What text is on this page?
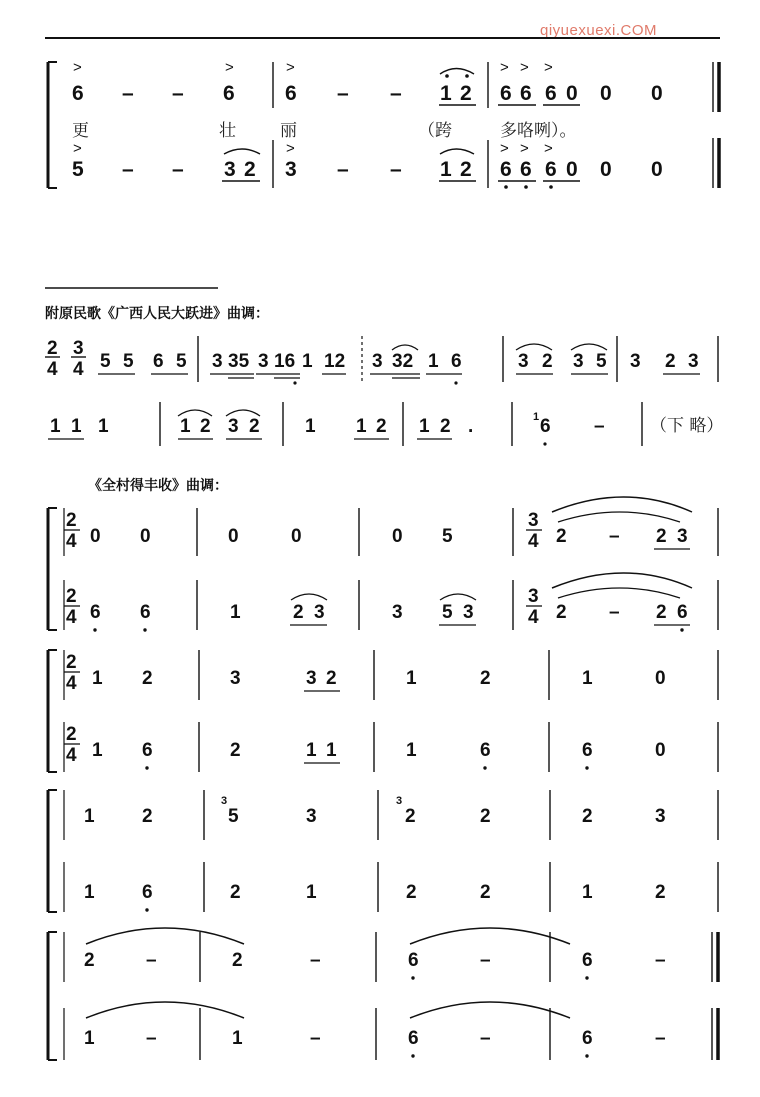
qiyuexuexi.COM
>	>	>	> > >
>	>	> > >
6 – – 6 6 – – 1 2 6 6 6 0 0 0
更	壮	丽	（跨	多咯咧）。
5 – – 3 2 3 – – 1 2 6 6 6 0 0 0
附原民歌《广西人民大跃进》曲调：
2
4
3
4 5 5 6 5 3 35 3 16 1 12 3 32 1 6	3 2 3 5 3 2 3
1 1 1	1 2 3 2 1 1 2 1 2 .	1 6 –	（下 略）
《全村得丰收》曲调：
2
4
2
4
0 0	0	0	0 5
3
4 2 – 2 3
6 6	1	2 3	3 5 3
3
4 2 – 2 6
2
4
2
4
1 2	3	3 2	1	2	1	0
1 6	2	1 1	1	6	6	0
1 2
3
5	3
3
2	2	2	3
1 6	2	1	2	2	1	2
2	–	2	–	6	–	6	–
1	–	1	–	6	–	6	–
